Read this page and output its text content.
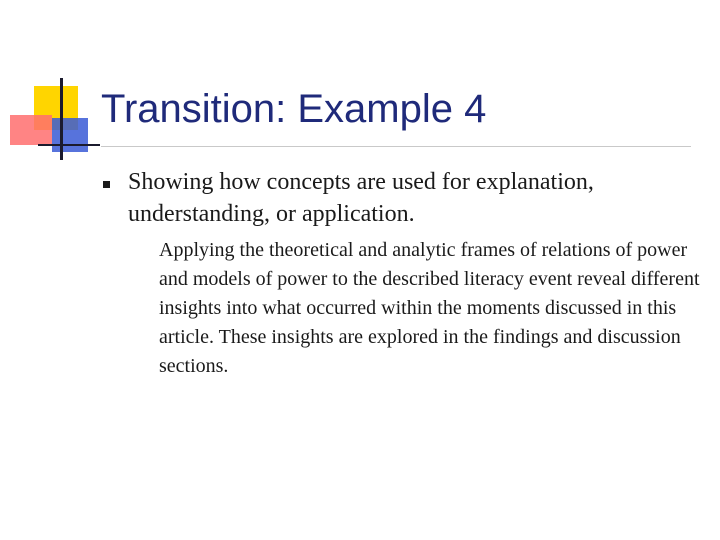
Transition: Example 4
Showing how concepts are used for explanation, understanding, or application.
Applying the theoretical and analytic frames of relations of power and models of power to the described literacy event reveal different insights into what occurred within the moments discussed in this article. These insights are explored in the findings and discussion sections.
